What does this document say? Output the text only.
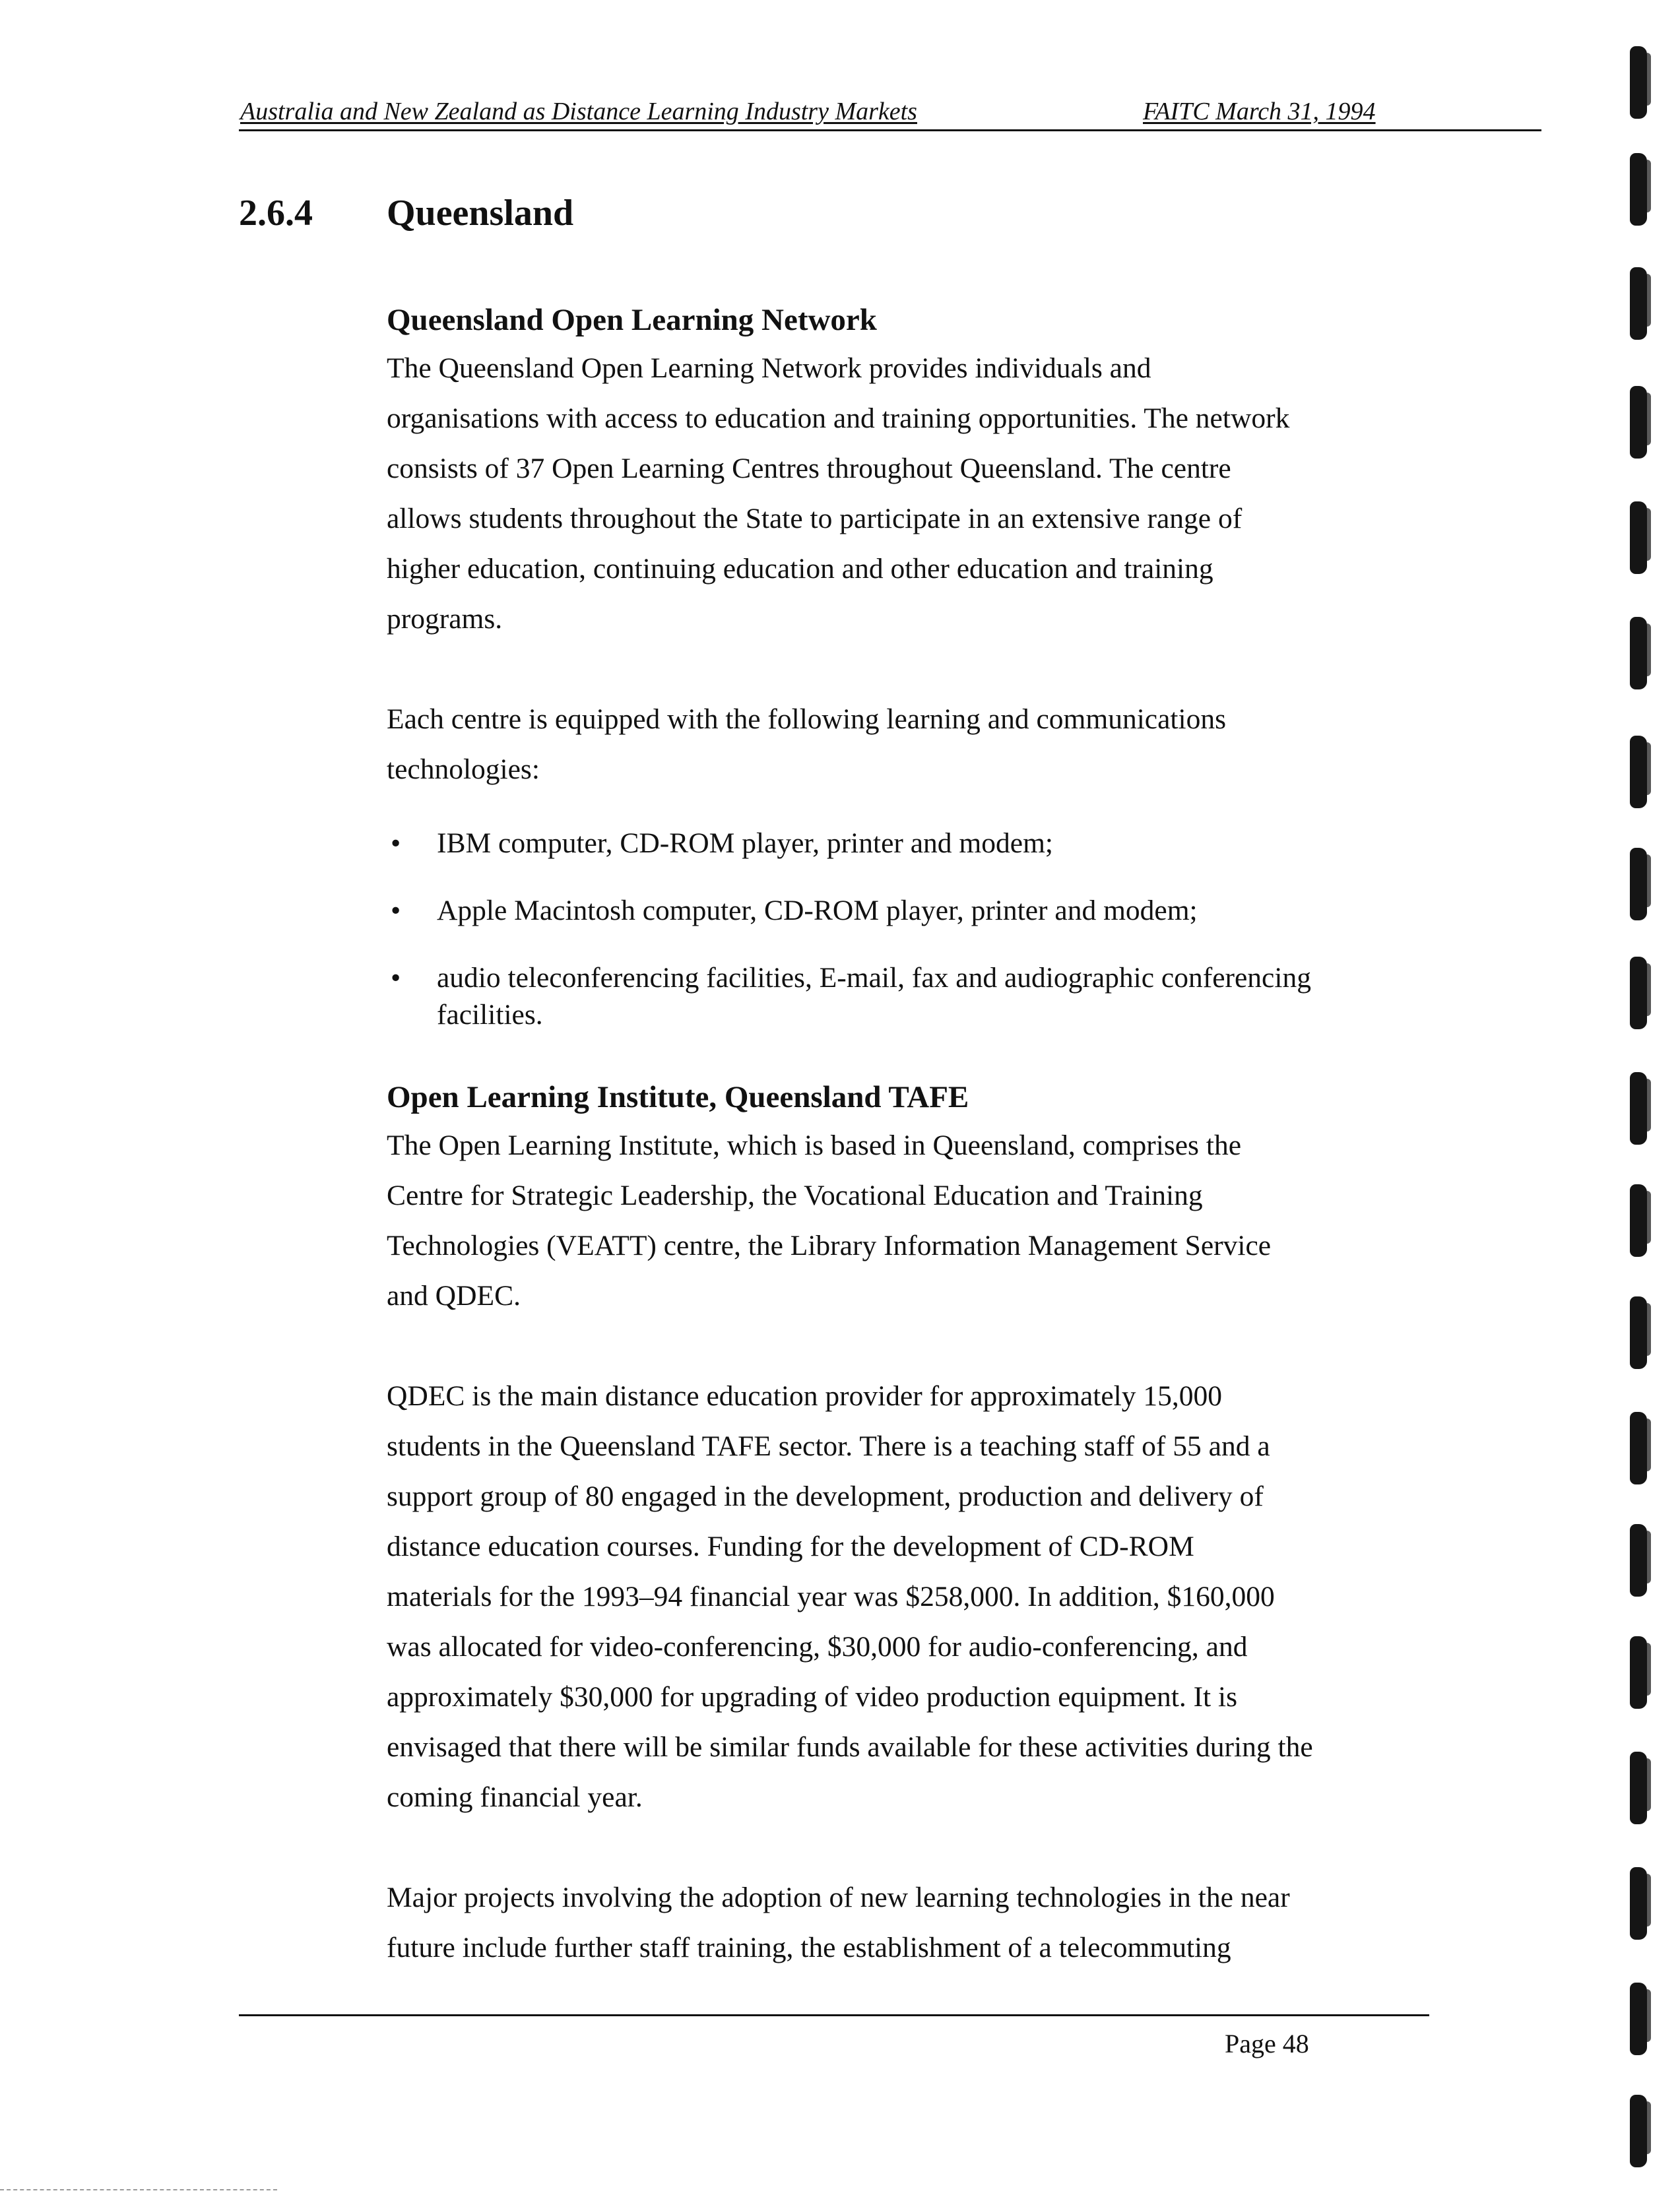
Australia and New Zealand as Distance Learning Industry Markets	FAITC March 31, 1994
2.6.4 Queensland

Queensland Open Learning Network

The Queensland Open Learning Network provides individuals and
organisations with access to education and training opportunities. The network
consists of 37 Open Learning Centres throughout Queensland. The centre
allows students throughout the State to participate in an extensive range of
higher education, continuing education and other education and training
programs.

Each centre is equipped with the following learning and communications
technologies:

• IBM computer, CD-ROM player, printer and modem;
• Apple Macintosh computer, CD-ROM player, printer and modem;
• audio teleconferencing facilities, E-mail, fax and audiographic conferencing
facilities.

Open Learning Institute, Queensland TAFE

The Open Learning Institute, which is based in Queensland, comprises the
Centre for Strategic Leadership, the Vocational Education and Training
Technologies (VEATT) centre, the Library Information Management Service
and QDEC.

QDEC is the main distance education provider for approximately 15,000
students in the Queensland TAFE sector. There is a teaching staff of 55 and a
support group of 80 engaged in the development, production and delivery of
distance education courses. Funding for the development of CD-ROM
materials for the 1993–94 financial year was $258,000. In addition, $160,000
was allocated for video-conferencing, $30,000 for audio-conferencing, and
approximately $30,000 for upgrading of video production equipment. It is
envisaged that there will be similar funds available for these activities during the
coming financial year.

Major projects involving the adoption of new learning technologies in the near
future include further staff training, the establishment of a telecommuting

Page 48
